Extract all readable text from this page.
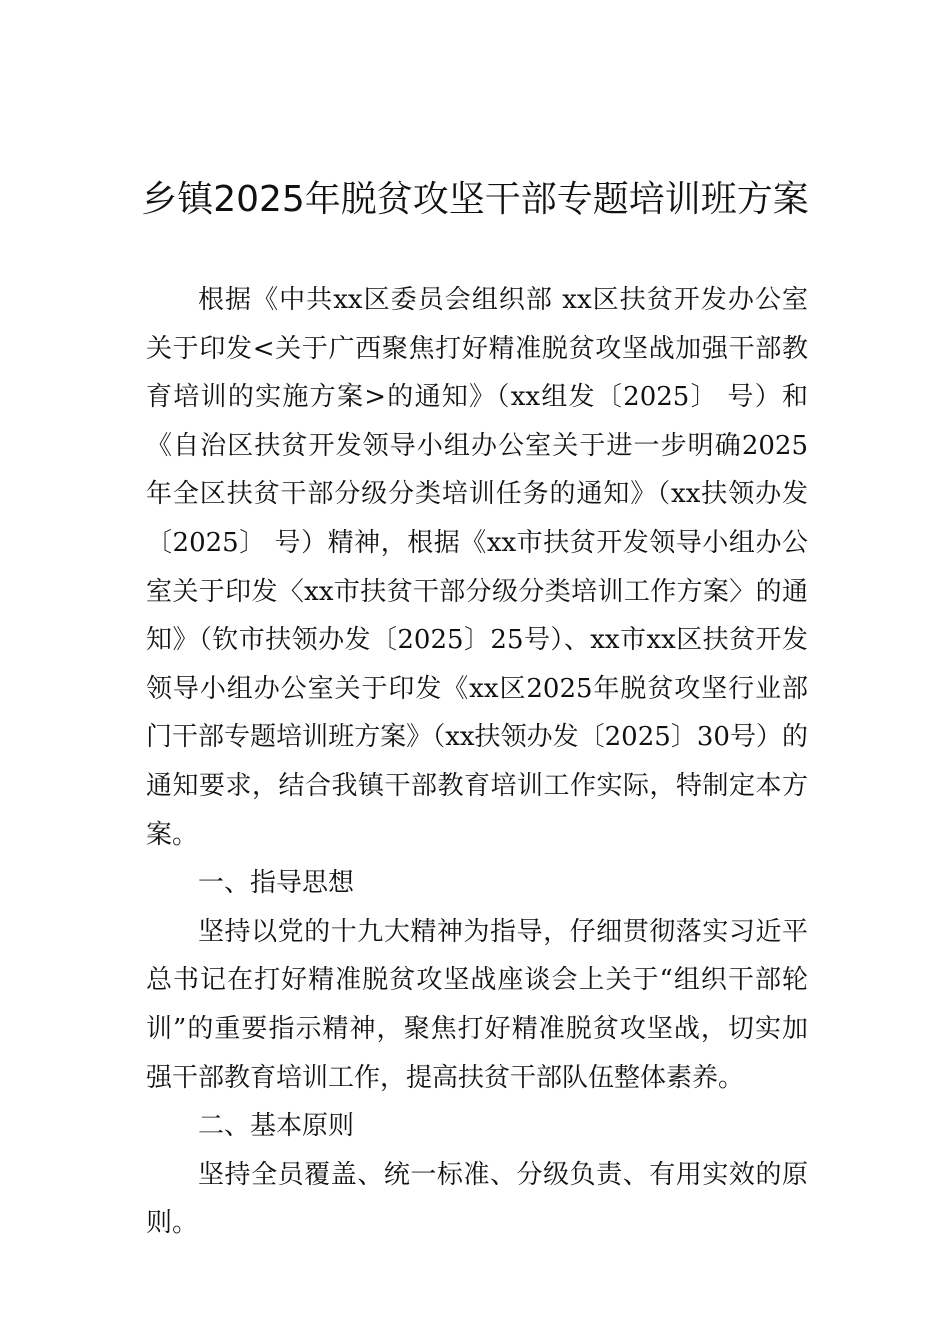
乡镇2025年脱贫攻坚干部专题培训班方案

根据《中共xx区委员会组织部 xx区扶贫开发办公室关于印发<关于广西聚焦打好精准脱贫攻坚战加强干部教育培训的实施方案>的通知》（xx组发〔2025〕 号）和《自治区扶贫开发领导小组办公室关于进一步明确2025年全区扶贫干部分级分类培训任务的通知》（xx扶领办发〔2025〕 号）精神，根据《xx市扶贫开发领导小组办公室关于印发〈xx市扶贫干部分级分类培训工作方案〉的通知》（钦市扶领办发〔2025〕25号）、xx市xx区扶贫开发领导小组办公室关于印发《xx区2025年脱贫攻坚行业部门干部专题培训班方案》（xx扶领办发〔2025〕30号）的通知要求，结合我镇干部教育培训工作实际，特制定本方案。

一、指导思想

坚持以党的十九大精神为指导，仔细贯彻落实习近平总书记在打好精准脱贫攻坚战座谈会上关于“组织干部轮训”的重要指示精神，聚焦打好精准脱贫攻坚战，切实加强干部教育培训工作，提高扶贫干部队伍整体素养。

二、基本原则

坚持全员覆盖、统一标准、分级负责、有用实效的原则。
